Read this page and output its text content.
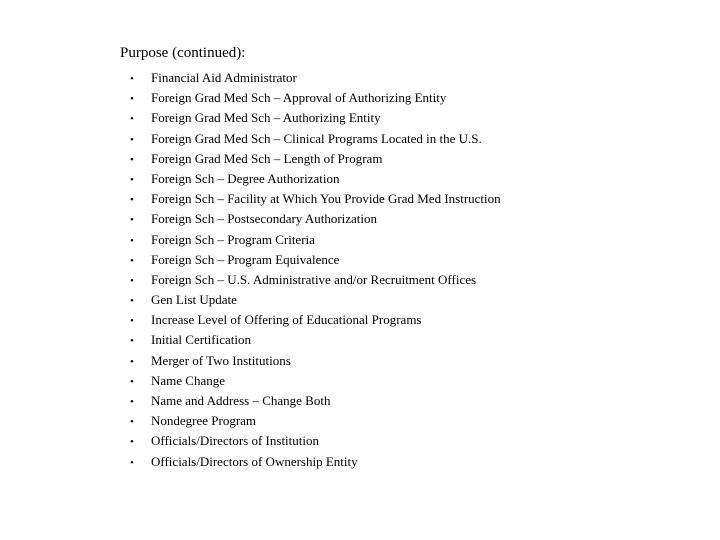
Purpose (continued):
•	Financial Aid Administrator
•	Foreign Grad Med Sch – Approval of Authorizing Entity
•	Foreign Grad Med Sch – Authorizing Entity
•	Foreign Grad Med Sch – Clinical Programs Located in the U.S.
•	Foreign Grad Med Sch – Length of Program
•	Foreign Sch – Degree Authorization
•	Foreign Sch – Facility at Which You Provide Grad Med Instruction
•	Foreign Sch – Postsecondary Authorization
•	Foreign Sch – Program Criteria
•	Foreign Sch – Program Equivalence
•	Foreign Sch – U.S. Administrative and/or Recruitment Offices
•	Gen List Update
•	Increase Level of Offering of Educational Programs
•	Initial Certification
•	Merger of Two Institutions
•	Name Change
•	Name and Address – Change Both
•	Nondegree Program
•	Officials/Directors of Institution
•	Officials/Directors of Ownership Entity
